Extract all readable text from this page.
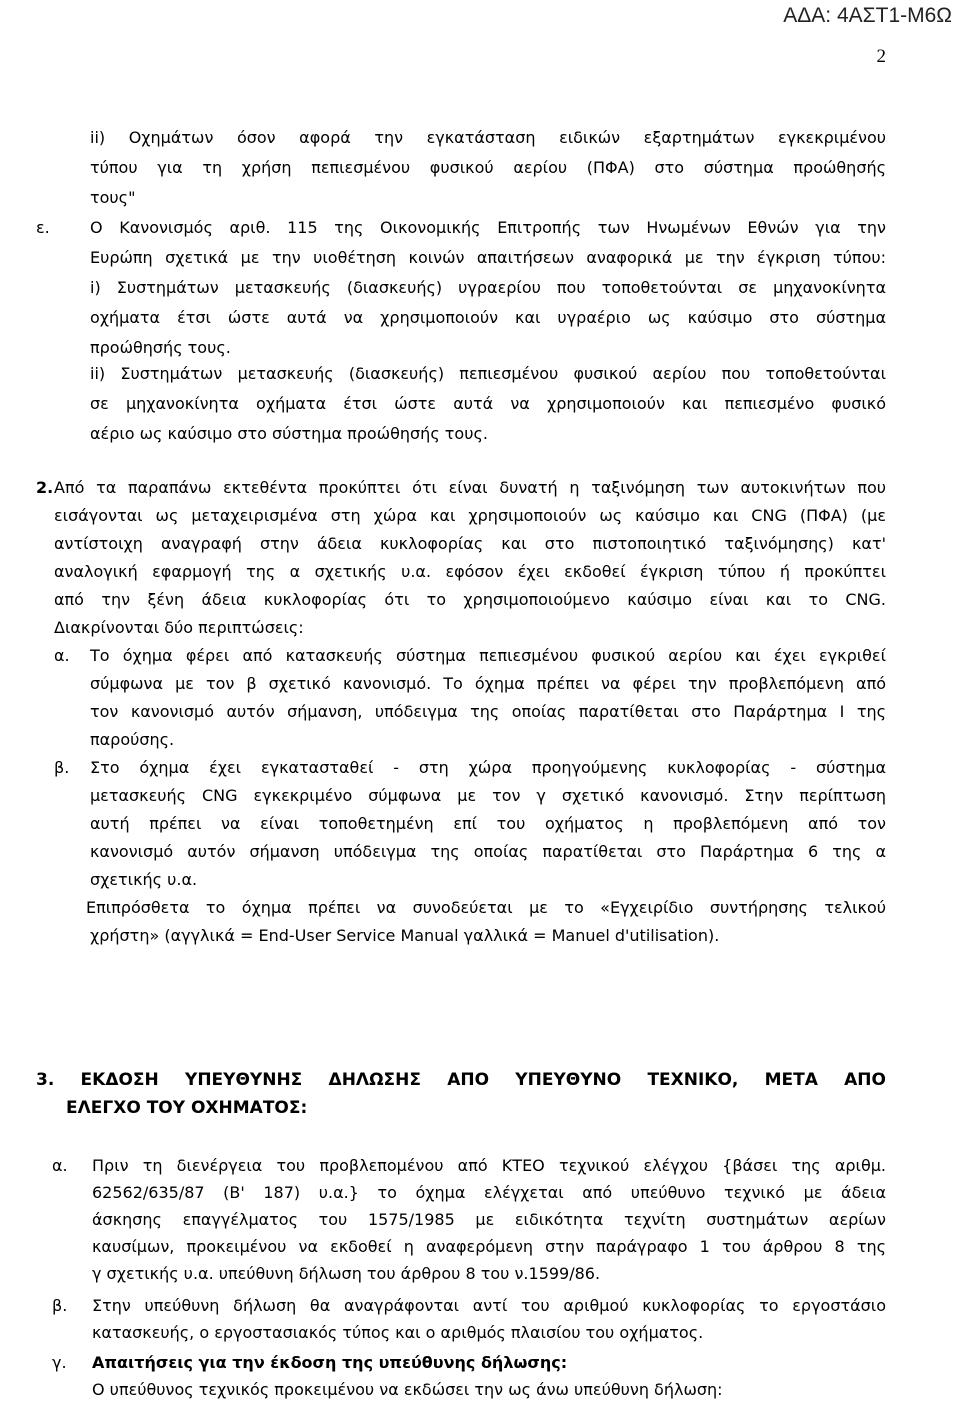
ΑΔΑ: 4ΑΣΤ1-Μ6Ω
2
ii) Οχημάτων όσον αφορά την εγκατάσταση ειδικών εξαρτημάτων εγκεκριμένου
τύπου για τη χρήση πεπιεσμένου φυσικού αερίου (ΠΦΑ) στο σύστημα προώθησής
τους"
ε.	Ο Κανονισμός αριθ. 115 της Οικονομικής Επιτροπής των Ηνωμένων Εθνών για την
Ευρώπη σχετικά με την υιοθέτηση κοινών απαιτήσεων αναφορικά με την έγκριση τύπου:
i) Συστημάτων μετασκευής (διασκευής) υγραερίου που τοποθετούνται σε μηχανοκίνητα
οχήματα έτσι ώστε αυτά να χρησιμοποιούν και υγραέριο ως καύσιμο στο σύστημα
προώθησής τους.
ii) Συστημάτων μετασκευής (διασκευής) πεπιεσμένου φυσικού αερίου που τοποθετούνται
σε μηχανοκίνητα οχήματα έτσι ώστε αυτά να χρησιμοποιούν και πεπιεσμένο φυσικό
αέριο ως καύσιμο στο σύστημα προώθησής τους.
2. Από τα παραπάνω εκτεθέντα προκύπτει ότι είναι δυνατή η ταξινόμηση των αυτοκινήτων που
εισάγονται ως μεταχειρισμένα στη χώρα και χρησιμοποιούν ως καύσιμο και CNG (ΠΦΑ) (με
αντίστοιχη αναγραφή στην άδεια κυκλοφορίας και στο πιστοποιητικό ταξινόμησης) κατ'
αναλογική εφαρμογή της α σχετικής υ.α. εφόσον έχει εκδοθεί έγκριση τύπου ή προκύπτει
από την ξένη άδεια κυκλοφορίας ότι το χρησιμοποιούμενο καύσιμο είναι και το CNG.
Διακρίνονται δύο περιπτώσεις:
α. Το όχημα φέρει από κατασκευής σύστημα πεπιεσμένου φυσικού αερίου και έχει εγκριθεί
σύμφωνα με τον β σχετικό κανονισμό. Το όχημα πρέπει να φέρει την προβλεπόμενη από
τον κανονισμό αυτόν σήμανση, υπόδειγμα της οποίας παρατίθεται στο Παράρτημα Ι της
παρούσης.
β. Στο όχημα έχει εγκατασταθεί - στη χώρα προηγούμενης κυκλοφορίας - σύστημα
μετασκευής CNG εγκεκριμένο σύμφωνα με τον γ σχετικό κανονισμό. Στην περίπτωση
αυτή πρέπει να είναι τοποθετημένη επί του οχήματος η προβλεπόμενη από τον
κανονισμό αυτόν σήμανση υπόδειγμα της οποίας παρατίθεται στο Παράρτημα 6 της α
σχετικής υ.α.
Επιπρόσθετα το όχημα πρέπει να συνοδεύεται με το «Εγχειρίδιο συντήρησης τελικού
χρήστη» (αγγλικά = End-User Service Manual γαλλικά = Manuel d'utilisation).
3. ΕΚΔΟΣΗ ΥΠΕΥΘΥΝΗΣ ΔΗΛΩΣΗΣ ΑΠΟ ΥΠΕΥΘΥΝΟ ΤΕΧΝΙΚΟ, ΜΕΤΑ ΑΠΟ
ΕΛΕΓΧΟ ΤΟΥ ΟΧΗΜΑΤΟΣ:
α. Πριν τη διενέργεια του προβλεπομένου από ΚΤΕΟ τεχνικού ελέγχου {βάσει της αριθμ.
62562/635/87 (Β' 187) υ.α.} το όχημα ελέγχεται από υπεύθυνο τεχνικό με άδεια
άσκησης επαγγέλματος του 1575/1985 με ειδικότητα τεχνίτη συστημάτων αερίων
καυσίμων, προκειμένου να εκδοθεί η αναφερόμενη στην παράγραφο 1 του άρθρου 8 της
γ σχετικής υ.α. υπεύθυνη δήλωση του άρθρου 8 του ν.1599/86.
β. Στην υπεύθυνη δήλωση θα αναγράφονται αντί του αριθμού κυκλοφορίας το εργοστάσιο
κατασκευής, ο εργοστασιακός τύπος και ο αριθμός πλαισίου του οχήματος.
γ. Απαιτήσεις για την έκδοση της υπεύθυνης δήλωσης:
Ο υπεύθυνος τεχνικός προκειμένου να εκδώσει την ως άνω υπεύθυνη δήλωση:
